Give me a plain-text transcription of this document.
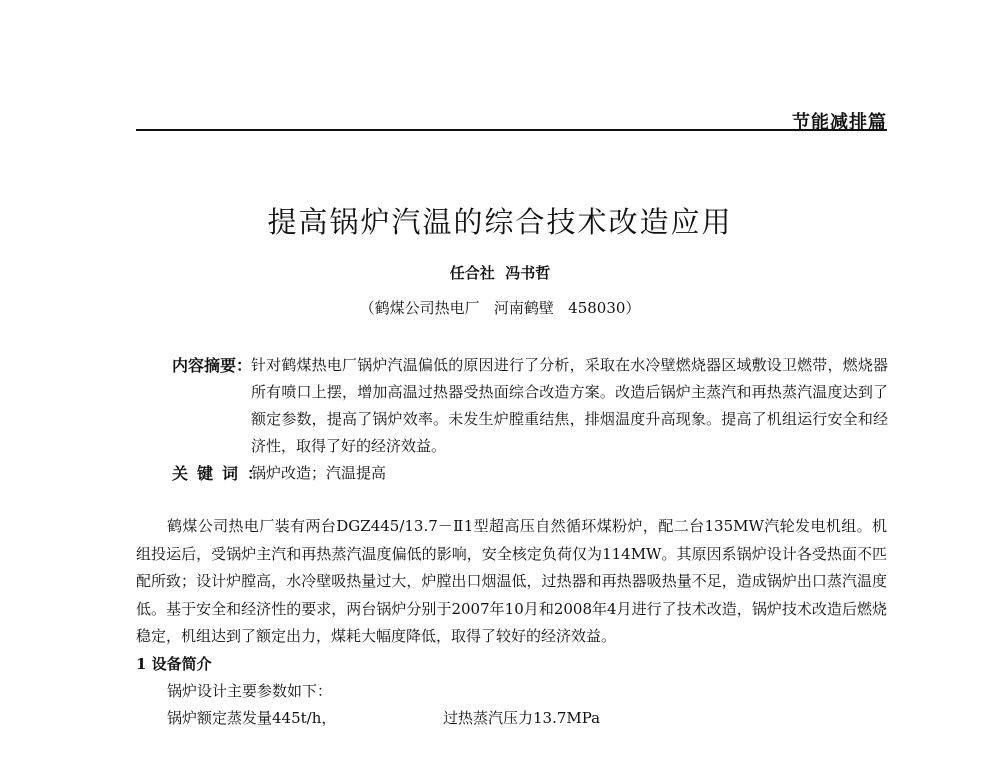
节能减排篇
提高锅炉汽温的综合技术改造应用
任合社  冯书哲
（鹤煤公司热电厂   河南鹤壁   458030）
内容摘要：
针对鹤煤热电厂锅炉汽温偏低的原因进行了分析，采取在水冷壁燃烧器区域敷设卫燃带，燃烧器所有喷口上摆，增加高温过热器受热面综合改造方案。改造后锅炉主蒸汽和再热蒸汽温度达到了额定参数，提高了锅炉效率。未发生炉膛重结焦，排烟温度升高现象。提高了机组运行安全和经济性，取得了好的经济效益。
关键词：
锅炉改造；汽温提高

鹤煤公司热电厂装有两台DGZ445/13.7－Ⅱ1型超高压自然循环煤粉炉，配二台135MW汽轮发电机组。机组投运后，受锅炉主汽和再热蒸汽温度偏低的影响，安全核定负荷仅为114MW。其原因系锅炉设计各受热面不匹配所致；设计炉膛高，水冷壁吸热量过大，炉膛出口烟温低，过热器和再热器吸热量不足，造成锅炉出口蒸汽温度低。基于安全和经济性的要求，两台锅炉分别于2007年10月和2008年4月进行了技术改造，锅炉技术改造后燃烧稳定，机组达到了额定出力，煤耗大幅度降低，取得了较好的经济效益。

1 设备简介
锅炉设计主要参数如下：
锅炉额定蒸发量445t/h，	过热蒸汽压力13.7MPa
